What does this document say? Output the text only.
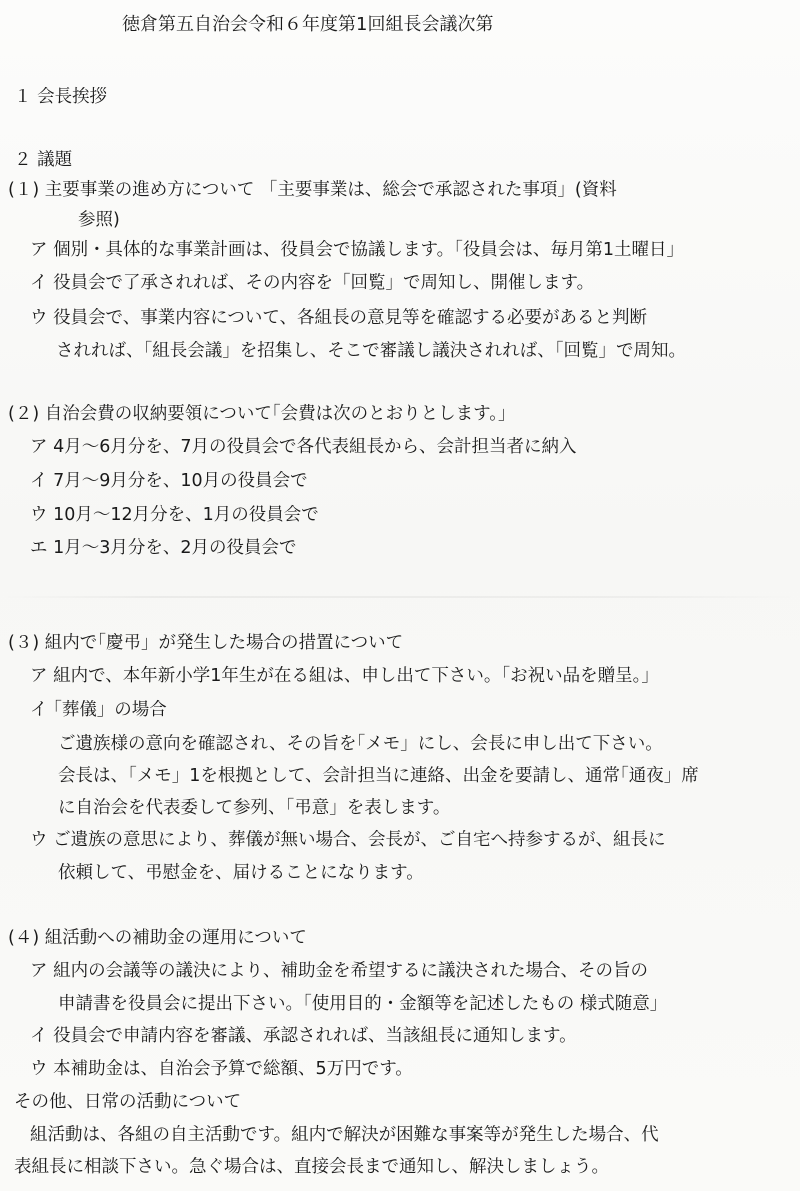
徳倉第五自治会令和６年度第1回組長会議次第
１ 会長挨拶
２ 議題
(１) 主要事業の進め方について 「主要事業は、総会で承認された事項」(資料
参照)
ア 個別・具体的な事業計画は、役員会で協議します。｢役員会は、毎月第1土曜日」
イ 役員会で了承されれば、その内容を「回覧」で周知し、開催します。
ウ 役員会で、事業内容について、各組長の意見等を確認する必要があると判断
されれば、｢組長会議」を招集し、そこで審議し議決されれば、｢回覧」で周知。
(２) 自治会費の収納要領について｢会費は次のとおりとします。」
ア 4月～6月分を、7月の役員会で各代表組長から、会計担当者に納入
イ 7月～9月分を、10月の役員会で
ウ 10月～12月分を、1月の役員会で
エ 1月～3月分を、2月の役員会で
(３) 組内で｢慶弔」が発生した場合の措置について
ア 組内で、本年新小学1年生が在る組は、申し出て下さい。｢お祝い品を贈呈。」
イ ｢葬儀」の場合
ご遺族様の意向を確認され、その旨を｢メモ」にし、会長に申し出て下さい。
会長は、｢メモ」1を根拠として、会計担当に連絡、出金を要請し、通常｢通夜」席
に自治会を代表委して参列、｢弔意」を表します。
ウ ご遺族の意思により、葬儀が無い場合、会長が、ご自宅へ持参するが、組長に
依頼して、弔慰金を、届けることになります。
(４) 組活動への補助金の運用について
ア 組内の会議等の議決により、補助金を希望するに議決された場合、その旨の
申請書を役員会に提出下さい。｢使用目的・金額等を記述したもの 様式随意」
イ 役員会で申請内容を審議、承認されれば、当該組長に通知します。
ウ 本補助金は、自治会予算で総額、5万円です。
その他、日常の活動について
組活動は、各組の自主活動です。組内で解決が困難な事案等が発生した場合、代
表組長に相談下さい。急ぐ場合は、直接会長まで通知し、解決しましょう。
